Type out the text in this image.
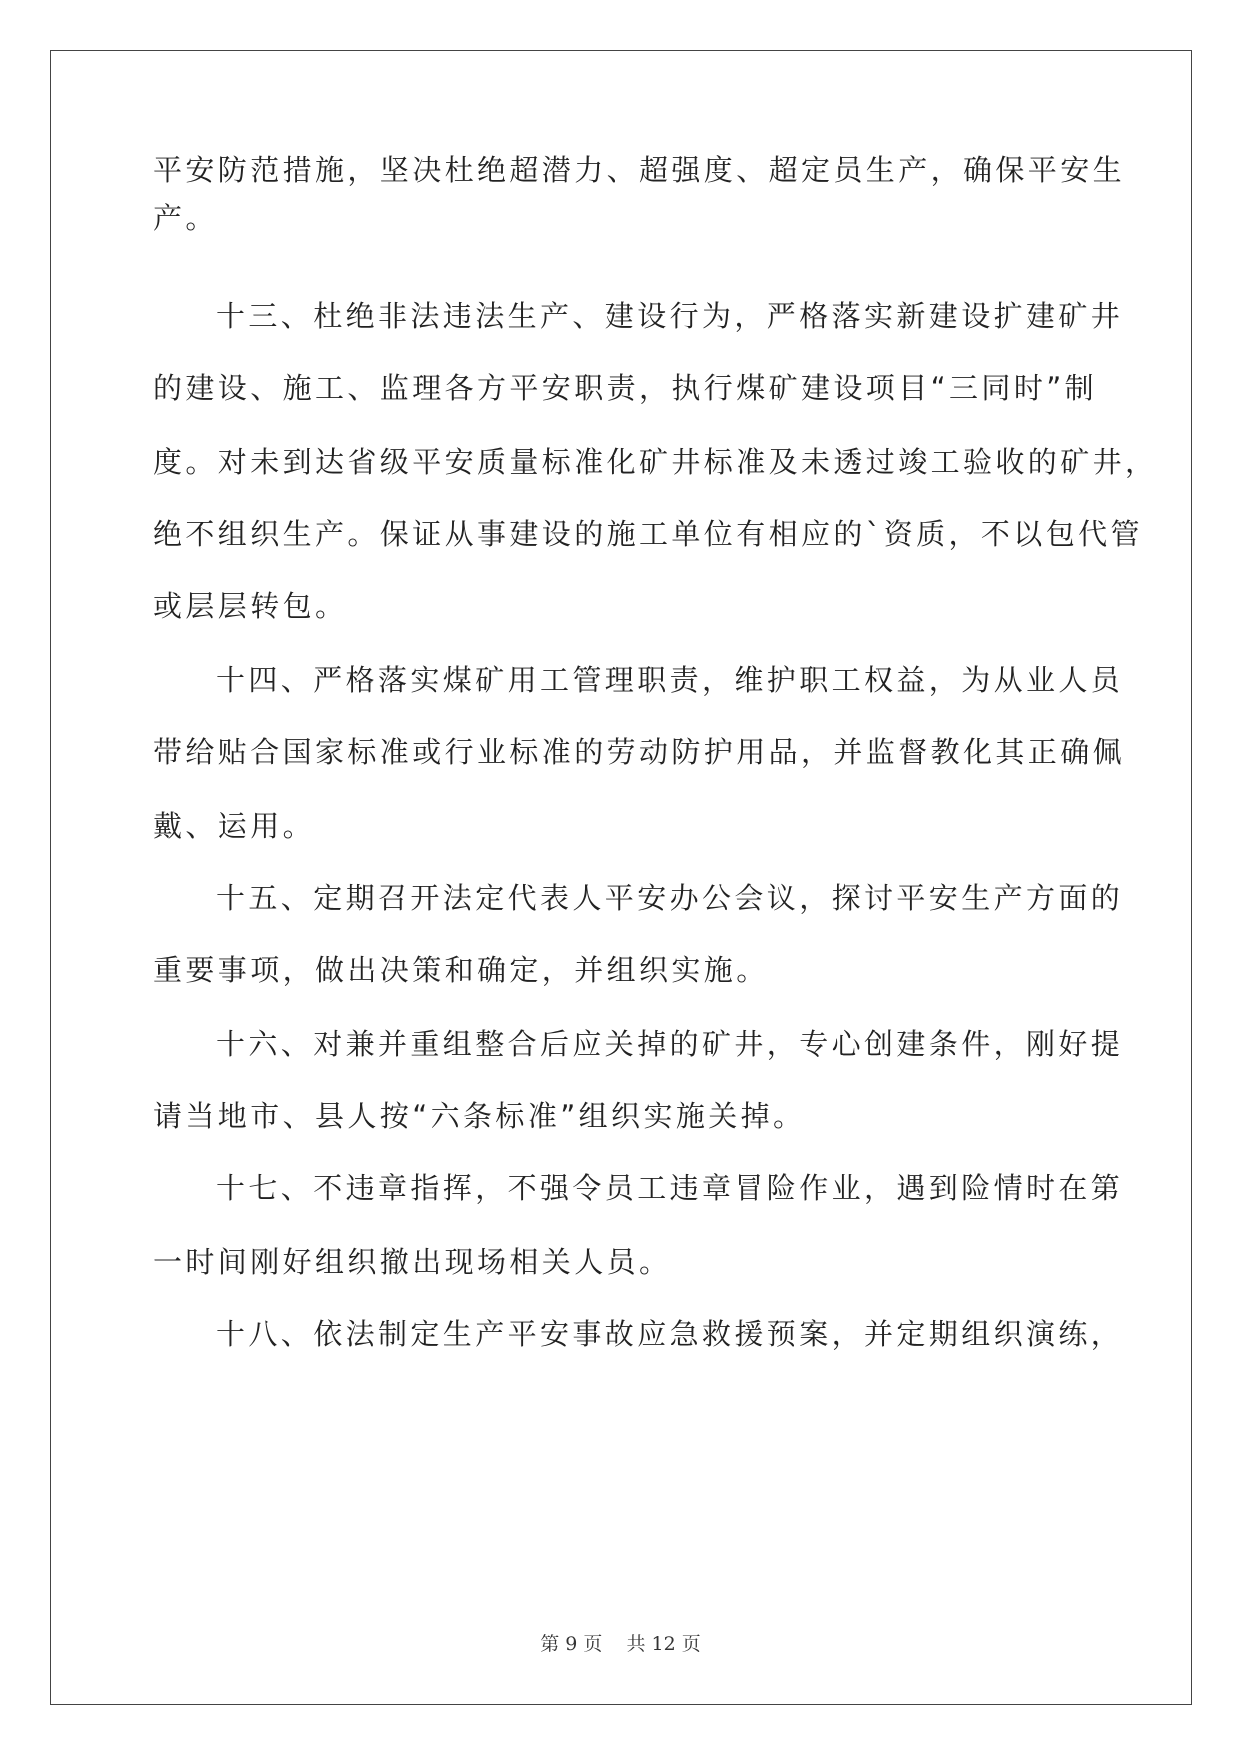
平安防范措施，坚决杜绝超潜力、超强度、超定员生产，确保平安生

产。

十三、杜绝非法违法生产、建设行为，严格落实新建设扩建矿井

的建设、施工、监理各方平安职责，执行煤矿建设项目“三同时”制

度。对未到达省级平安质量标准化矿井标准及未透过竣工验收的矿井，

绝不组织生产。保证从事建设的施工单位有相应的`资质，不以包代管

或层层转包。

十四、严格落实煤矿用工管理职责，维护职工权益，为从业人员

带给贴合国家标准或行业标准的劳动防护用品，并监督教化其正确佩

戴、运用。

十五、定期召开法定代表人平安办公会议，探讨平安生产方面的

重要事项，做出决策和确定，并组织实施。

十六、对兼并重组整合后应关掉的矿井，专心创建条件，刚好提

请当地市、县人按“六条标准”组织实施关掉。

十七、不违章指挥，不强令员工违章冒险作业，遇到险情时在第

一时间刚好组织撤出现场相关人员。

十八、依法制定生产平安事故应急救援预案，并定期组织演练，

第 9 页 共 12 页
